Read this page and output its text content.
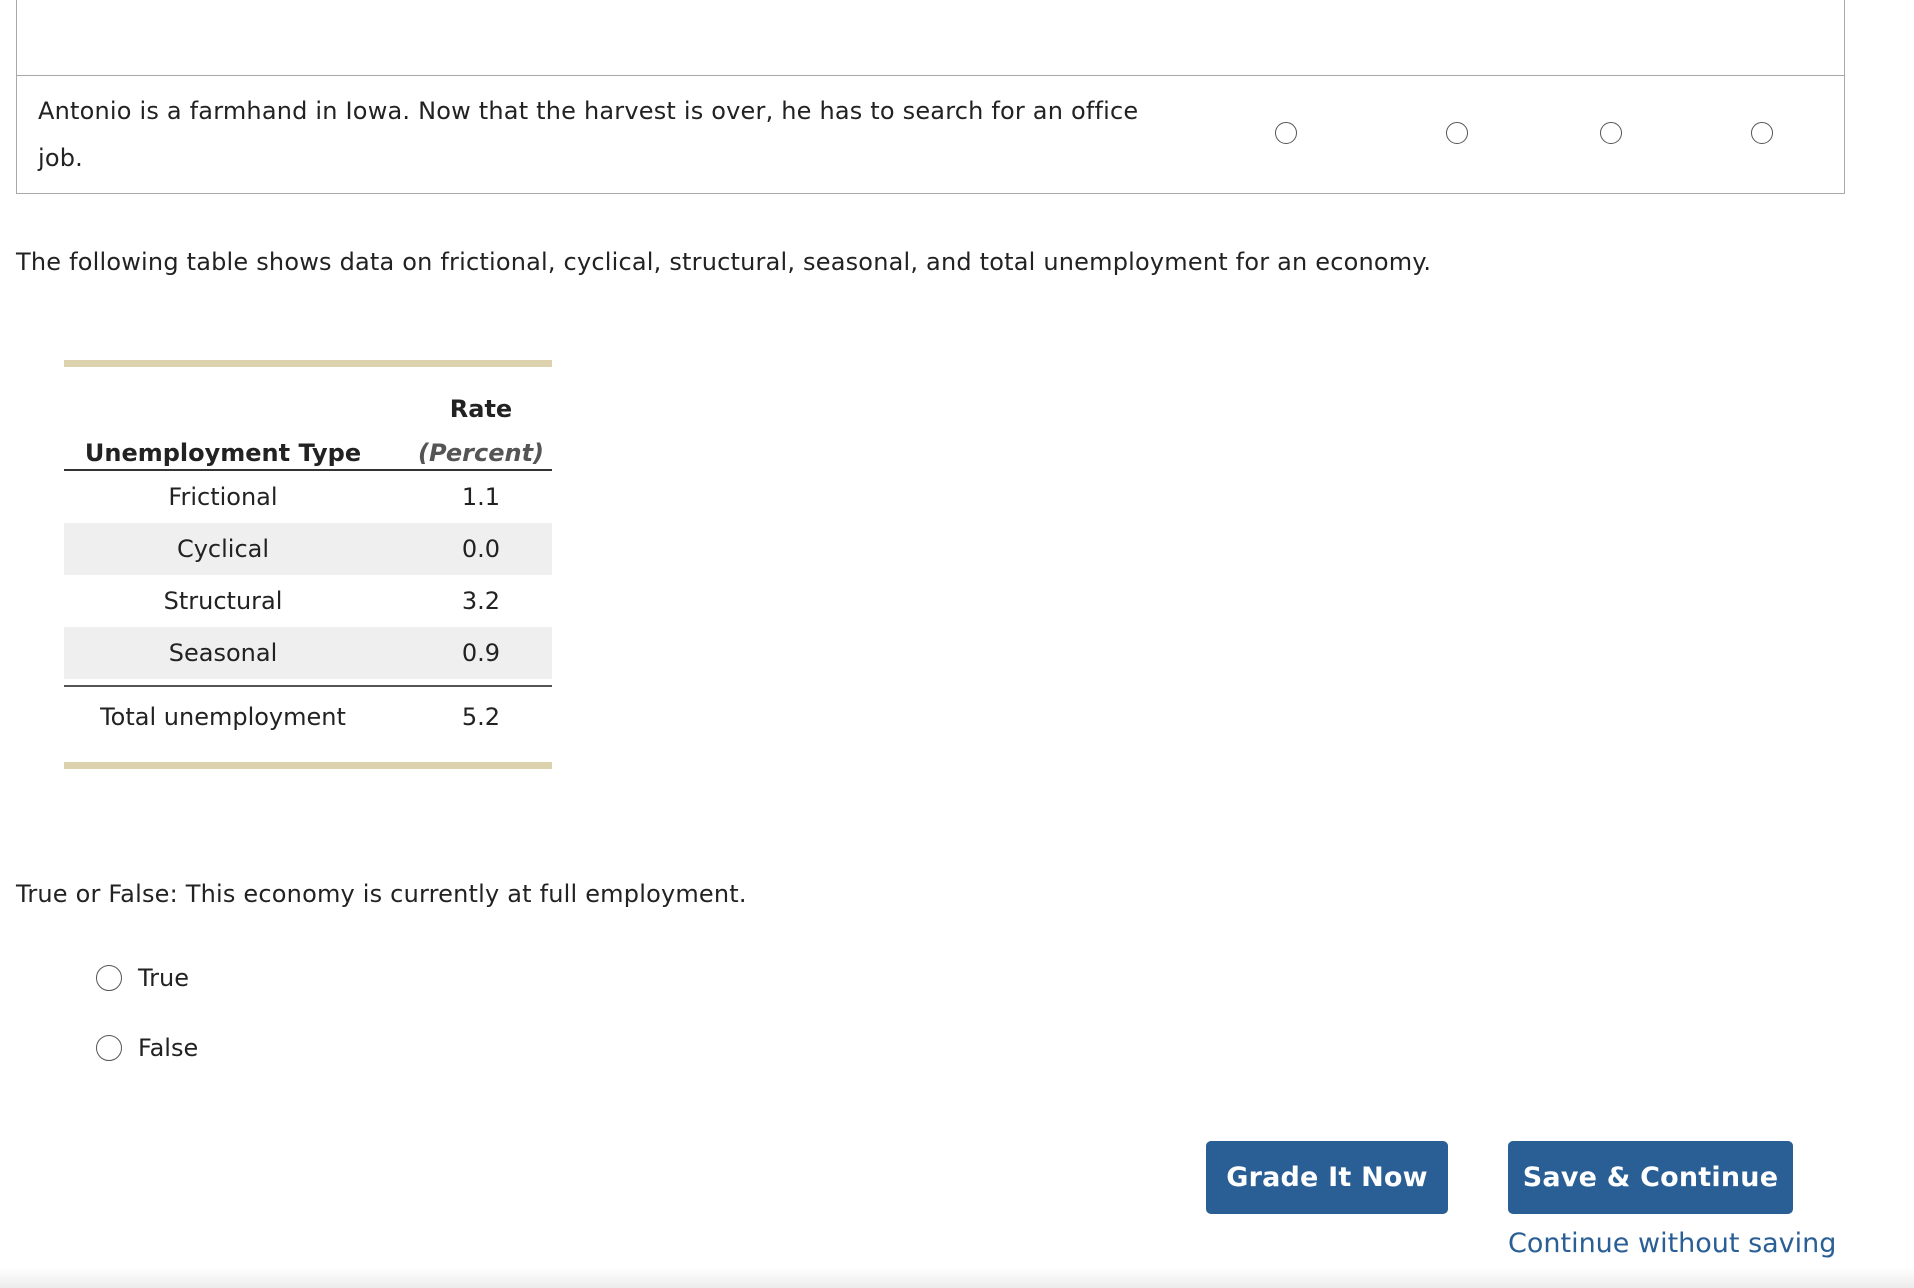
Antonio is a farmhand in Iowa. Now that the harvest is over, he has to search for an office
job.
The following table shows data on frictional, cyclical, structural, seasonal, and total unemployment for an economy.
Rate
Unemployment Type	(Percent)
Frictional	1.1
Cyclical	0.0
Structural	3.2
Seasonal	0.9
Total unemployment	5.2
True or False: This economy is currently at full employment.
True
False
Grade It Now	Save & Continue
Continue without saving
